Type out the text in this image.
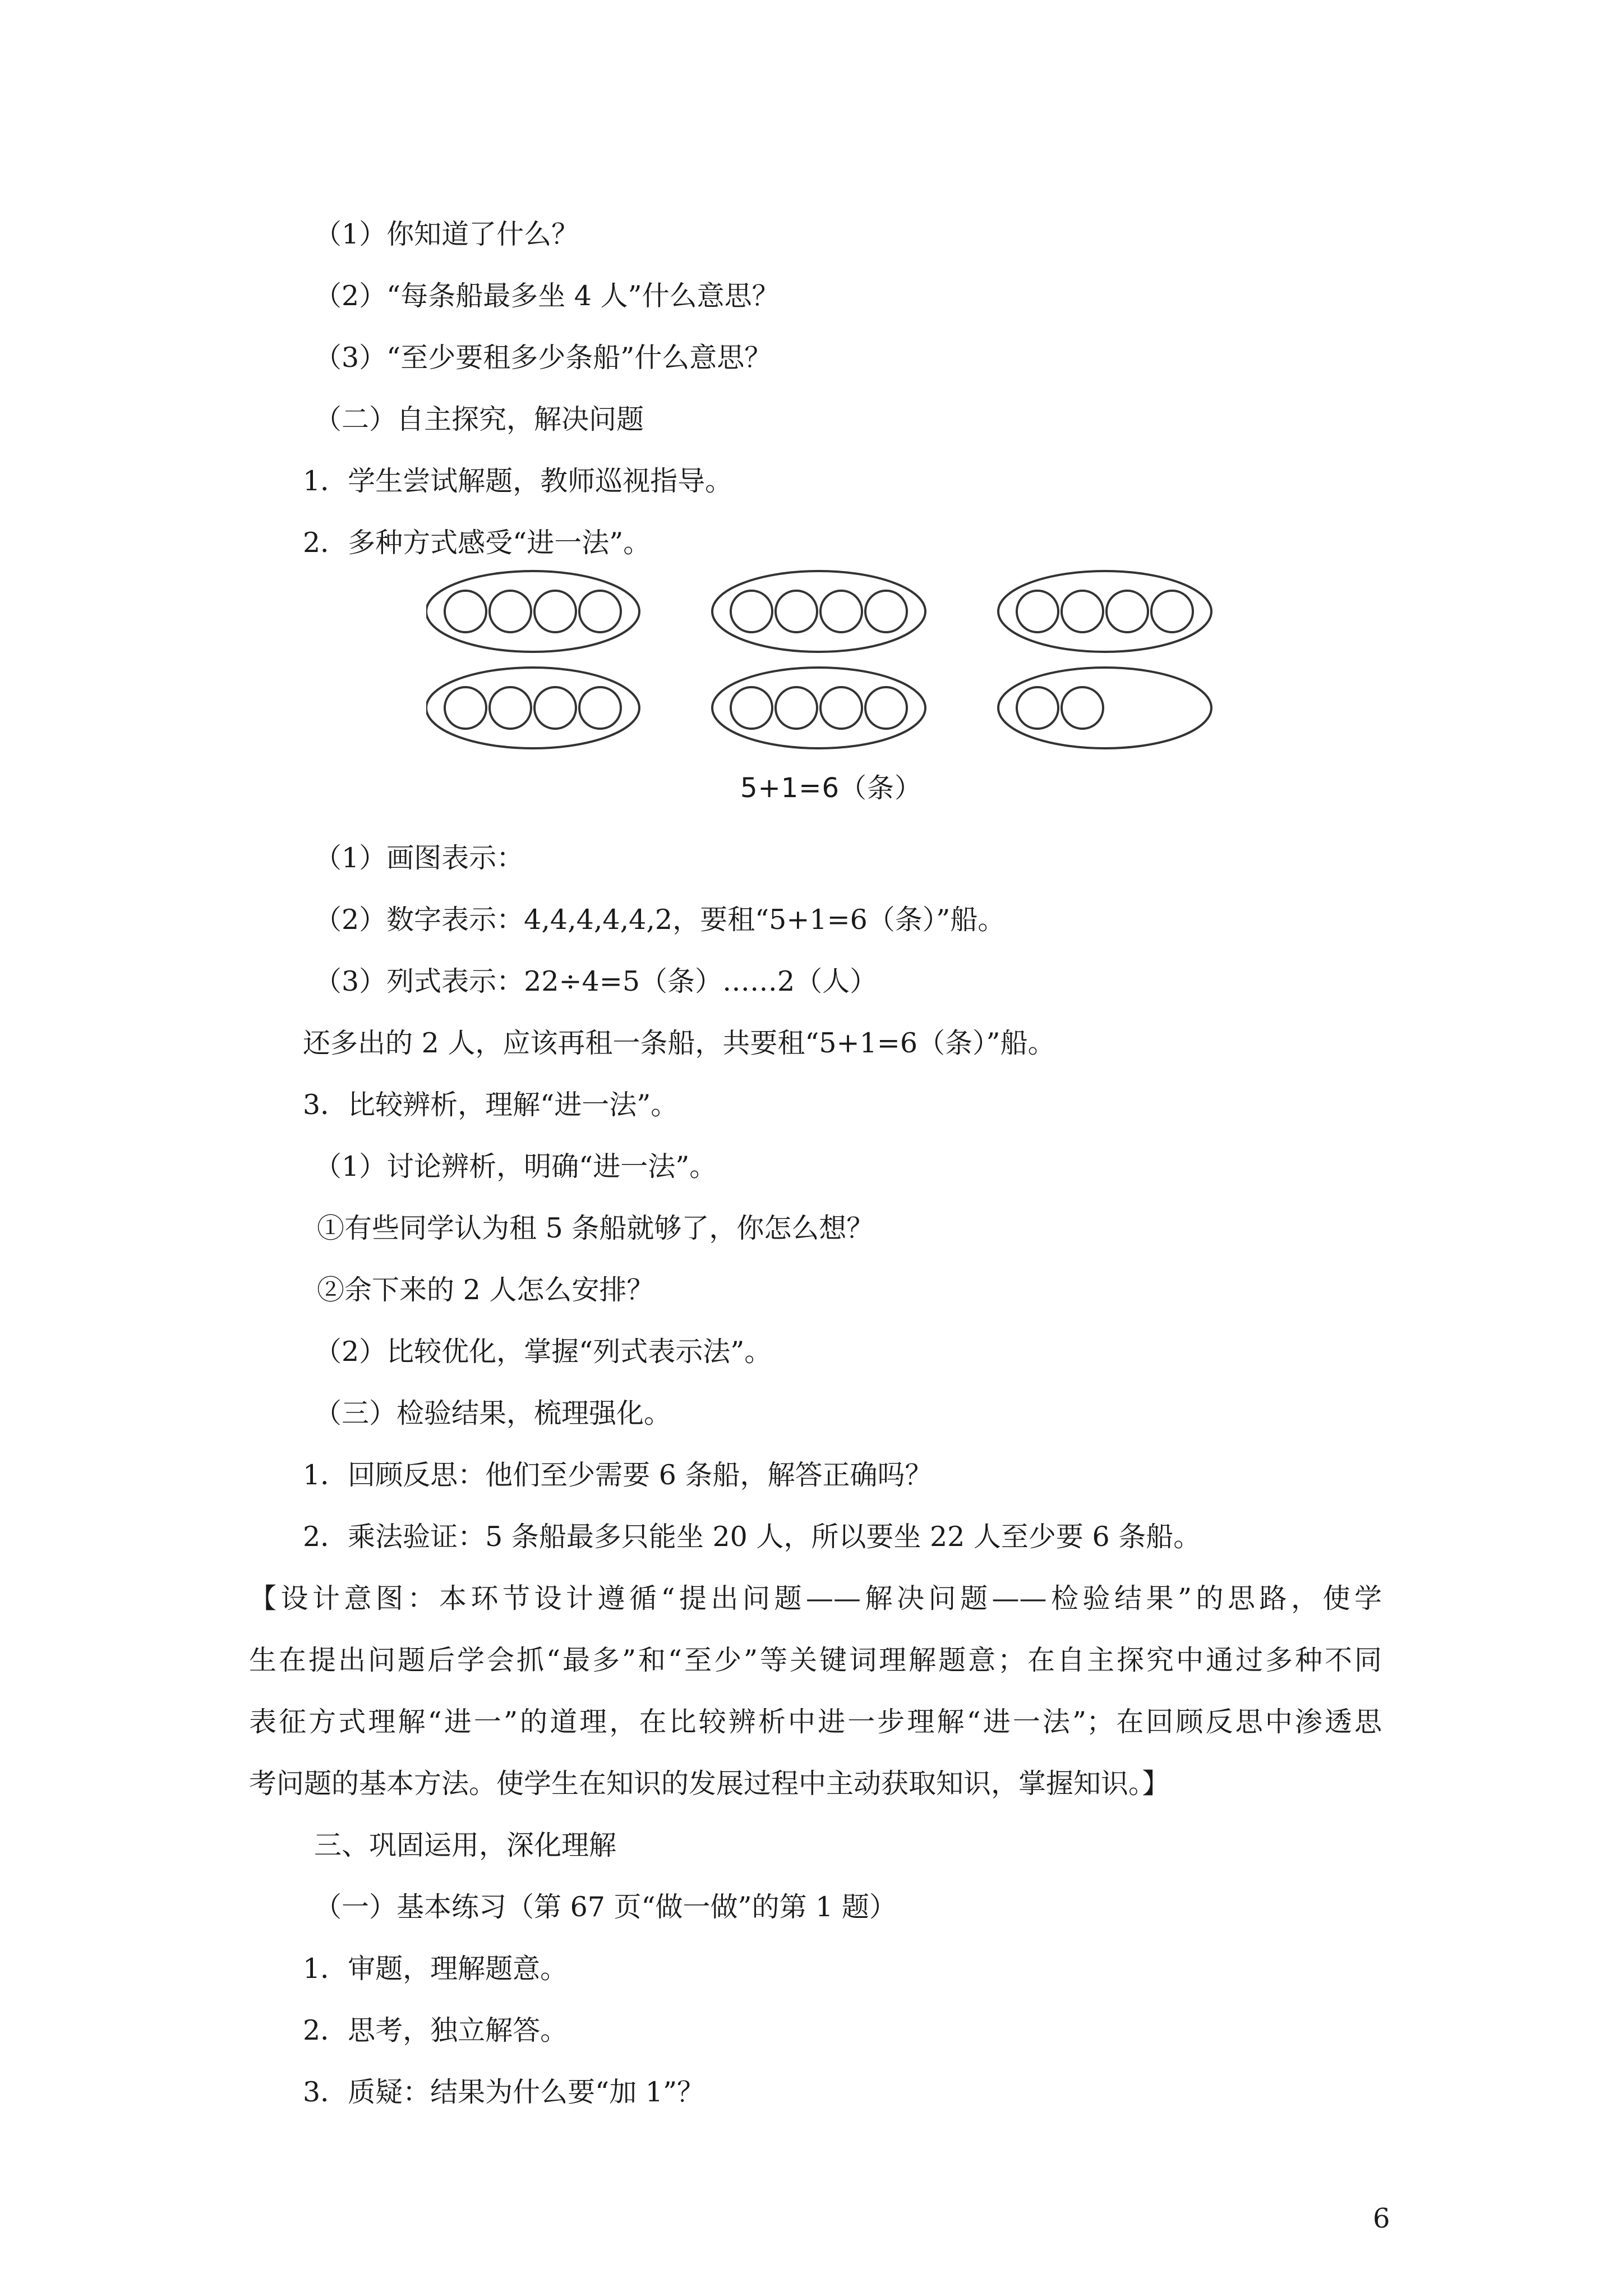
（1）你知道了什么？
（2）“每条船最多坐 4 人”什么意思？
（3）“至少要租多少条船”什么意思？
（二）自主探究，解决问题
1．学生尝试解题，教师巡视指导。
2．多种方式感受“进一法”。
5+1=6（条）
（1）画图表示：
（2）数字表示：4,4,4,4,4,2，要租“5+1=6（条）”船。
（3）列式表示：22÷4=5（条）……2（人）
还多出的 2 人，应该再租一条船，共要租“5+1=6（条）”船。
3．比较辨析，理解“进一法”。
（1）讨论辨析，明确“进一法”。
①有些同学认为租 5 条船就够了，你怎么想？
②余下来的 2 人怎么安排？
（2）比较优化，掌握“列式表示法”。
（三）检验结果，梳理强化。
1．回顾反思：他们至少需要 6 条船，解答正确吗？
2．乘法验证：5 条船最多只能坐 20 人，所以要坐 22 人至少要 6 条船。
【设计意图：本环节设计遵循“提出问题——解决问题——检验结果”的思路，使学
生在提出问题后学会抓“最多”和“至少”等关键词理解题意；在自主探究中通过多种不同
表征方式理解“进一”的道理，在比较辨析中进一步理解“进一法”；在回顾反思中渗透思
考问题的基本方法。使学生在知识的发展过程中主动获取知识，掌握知识。】
三、巩固运用，深化理解
（一）基本练习（第 67 页“做一做”的第 1 题）
1．审题，理解题意。
2．思考，独立解答。
3．质疑：结果为什么要“加 1”？
6
